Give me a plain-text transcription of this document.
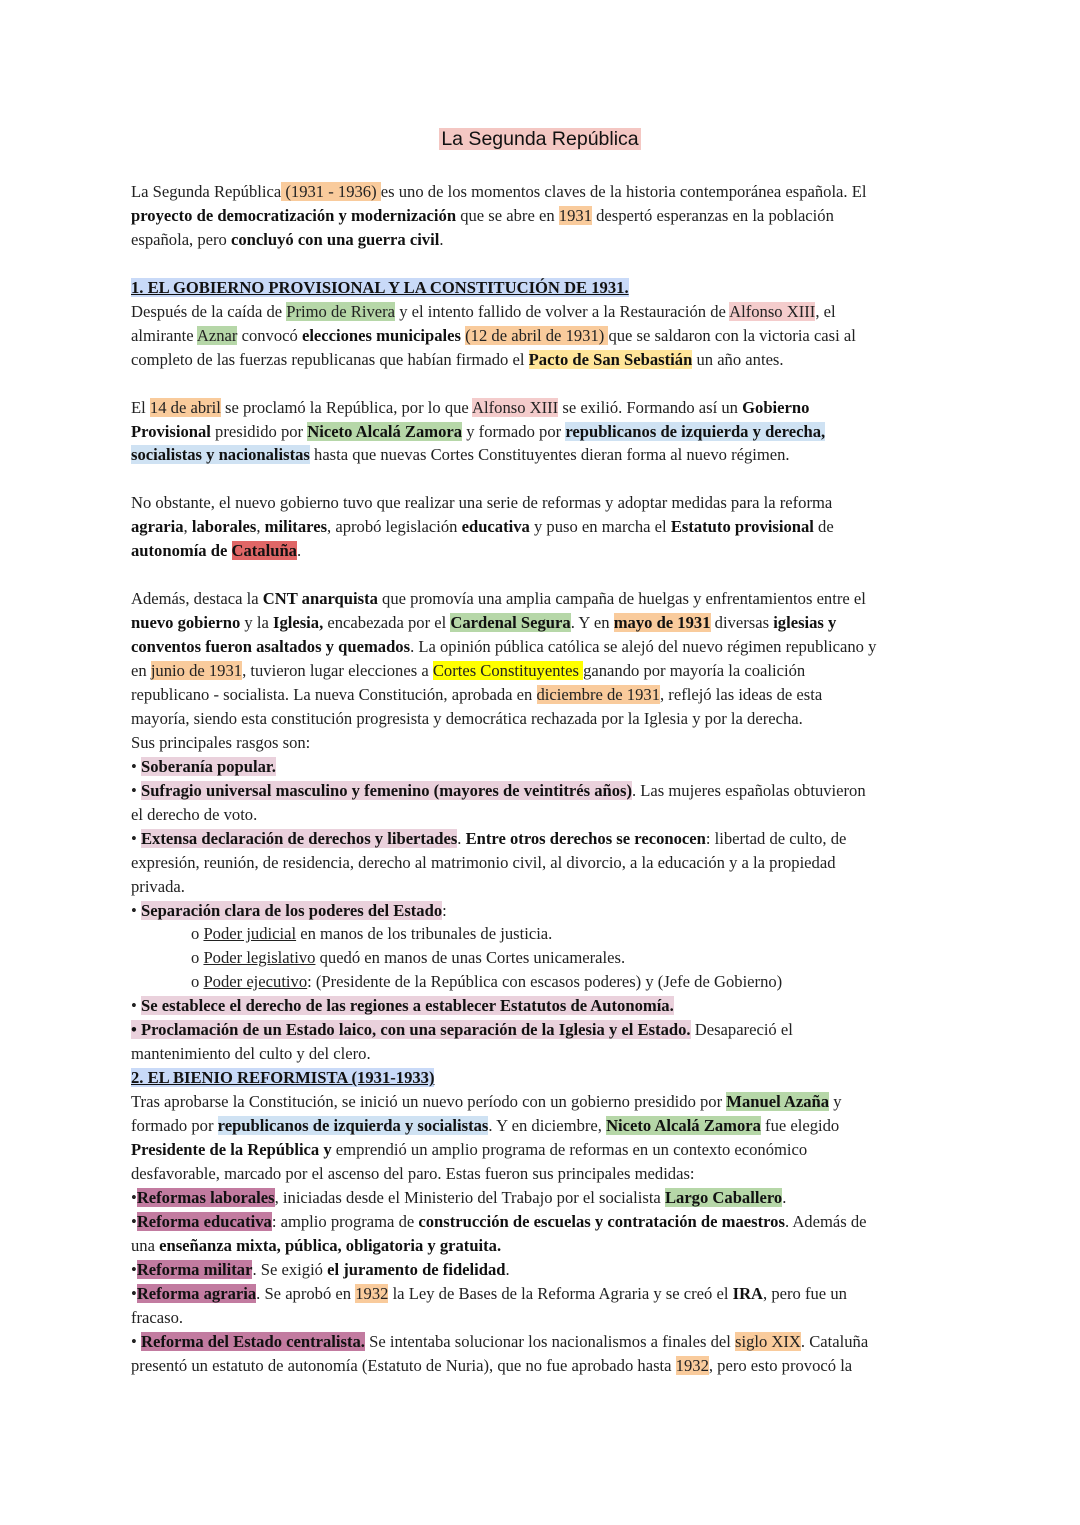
La Segunda República

La Segunda República (1931 - 1936) es uno de los momentos claves de la historia contemporánea española. El

proyecto de democratización y modernización que se abre en 1931 despertó esperanzas en la población

española, pero concluyó con una guerra civil.

1. EL GOBIERNO PROVISIONAL Y LA CONSTITUCIÓN DE 1931.

Después de la caída de Primo de Rivera y el intento fallido de volver a la Restauración de Alfonso XIII, el

almirante Aznar convocó elecciones municipales (12 de abril de 1931) que se saldaron con la victoria casi al

completo de las fuerzas republicanas que habían firmado el Pacto de San Sebastián un año antes.

El 14 de abril se proclamó la República, por lo que Alfonso XIII se exilió. Formando así un Gobierno

Provisional presidido por Niceto Alcalá Zamora y formado por republicanos de izquierda y derecha,

socialistas y nacionalistas hasta que nuevas Cortes Constituyentes dieran forma al nuevo régimen.

No obstante, el nuevo gobierno tuvo que realizar una serie de reformas y adoptar medidas para la reforma

agraria, laborales, militares, aprobó legislación educativa y puso en marcha el Estatuto provisional de

autonomía de Cataluña.

Además, destaca la CNT anarquista que promovía una amplia campaña de huelgas y enfrentamientos entre el

nuevo gobierno y la Iglesia, encabezada por el Cardenal Segura. Y en mayo de 1931 diversas iglesias y

conventos fueron asaltados y quemados. La opinión pública católica se alejó del nuevo régimen republicano y

en junio de 1931, tuvieron lugar elecciones a Cortes Constituyentes ganando por mayoría la coalición

republicano - socialista. La nueva Constitución, aprobada en diciembre de 1931, reflejó las ideas de esta

mayoría, siendo esta constitución progresista y democrática rechazada por la Iglesia y por la derecha.

Sus principales rasgos son:

• Soberanía popular.

• Sufragio universal masculino y femenino (mayores de veintitrés años). Las mujeres españolas obtuvieron

el derecho de voto.

• Extensa declaración de derechos y libertades. Entre otros derechos se reconocen: libertad de culto, de

expresión, reunión, de residencia, derecho al matrimonio civil, al divorcio, a la educación y a la propiedad

privada.

• Separación clara de los poderes del Estado:

o Poder judicial en manos de los tribunales de justicia.

o Poder legislativo quedó en manos de unas Cortes unicamerales.

o Poder ejecutivo: (Presidente de la República con escasos poderes) y (Jefe de Gobierno)

• Se establece el derecho de las regiones a establecer Estatutos de Autonomía.

• Proclamación de un Estado laico, con una separación de la Iglesia y el Estado. Desapareció el

mantenimiento del culto y del clero.

2. EL BIENIO REFORMISTA (1931-1933)

Tras aprobarse la Constitución, se inició un nuevo período con un gobierno presidido por Manuel Azaña y

formado por republicanos de izquierda y socialistas. Y en diciembre, Niceto Alcalá Zamora fue elegido

Presidente de la República y emprendió un amplio programa de reformas en un contexto económico

desfavorable, marcado por el ascenso del paro. Estas fueron sus principales medidas:

•Reformas laborales, iniciadas desde el Ministerio del Trabajo por el socialista Largo Caballero.

•Reforma educativa: amplio programa de construcción de escuelas y contratación de maestros. Además de

una enseñanza mixta, pública, obligatoria y gratuita.

•Reforma militar. Se exigió el juramento de fidelidad.

•Reforma agraria. Se aprobó en 1932 la Ley de Bases de la Reforma Agraria y se creó el IRA, pero fue un

fracaso.

• Reforma del Estado centralista. Se intentaba solucionar los nacionalismos a finales del siglo XIX. Cataluña

presentó un estatuto de autonomía (Estatuto de Nuria), que no fue aprobado hasta 1932, pero esto provocó la
